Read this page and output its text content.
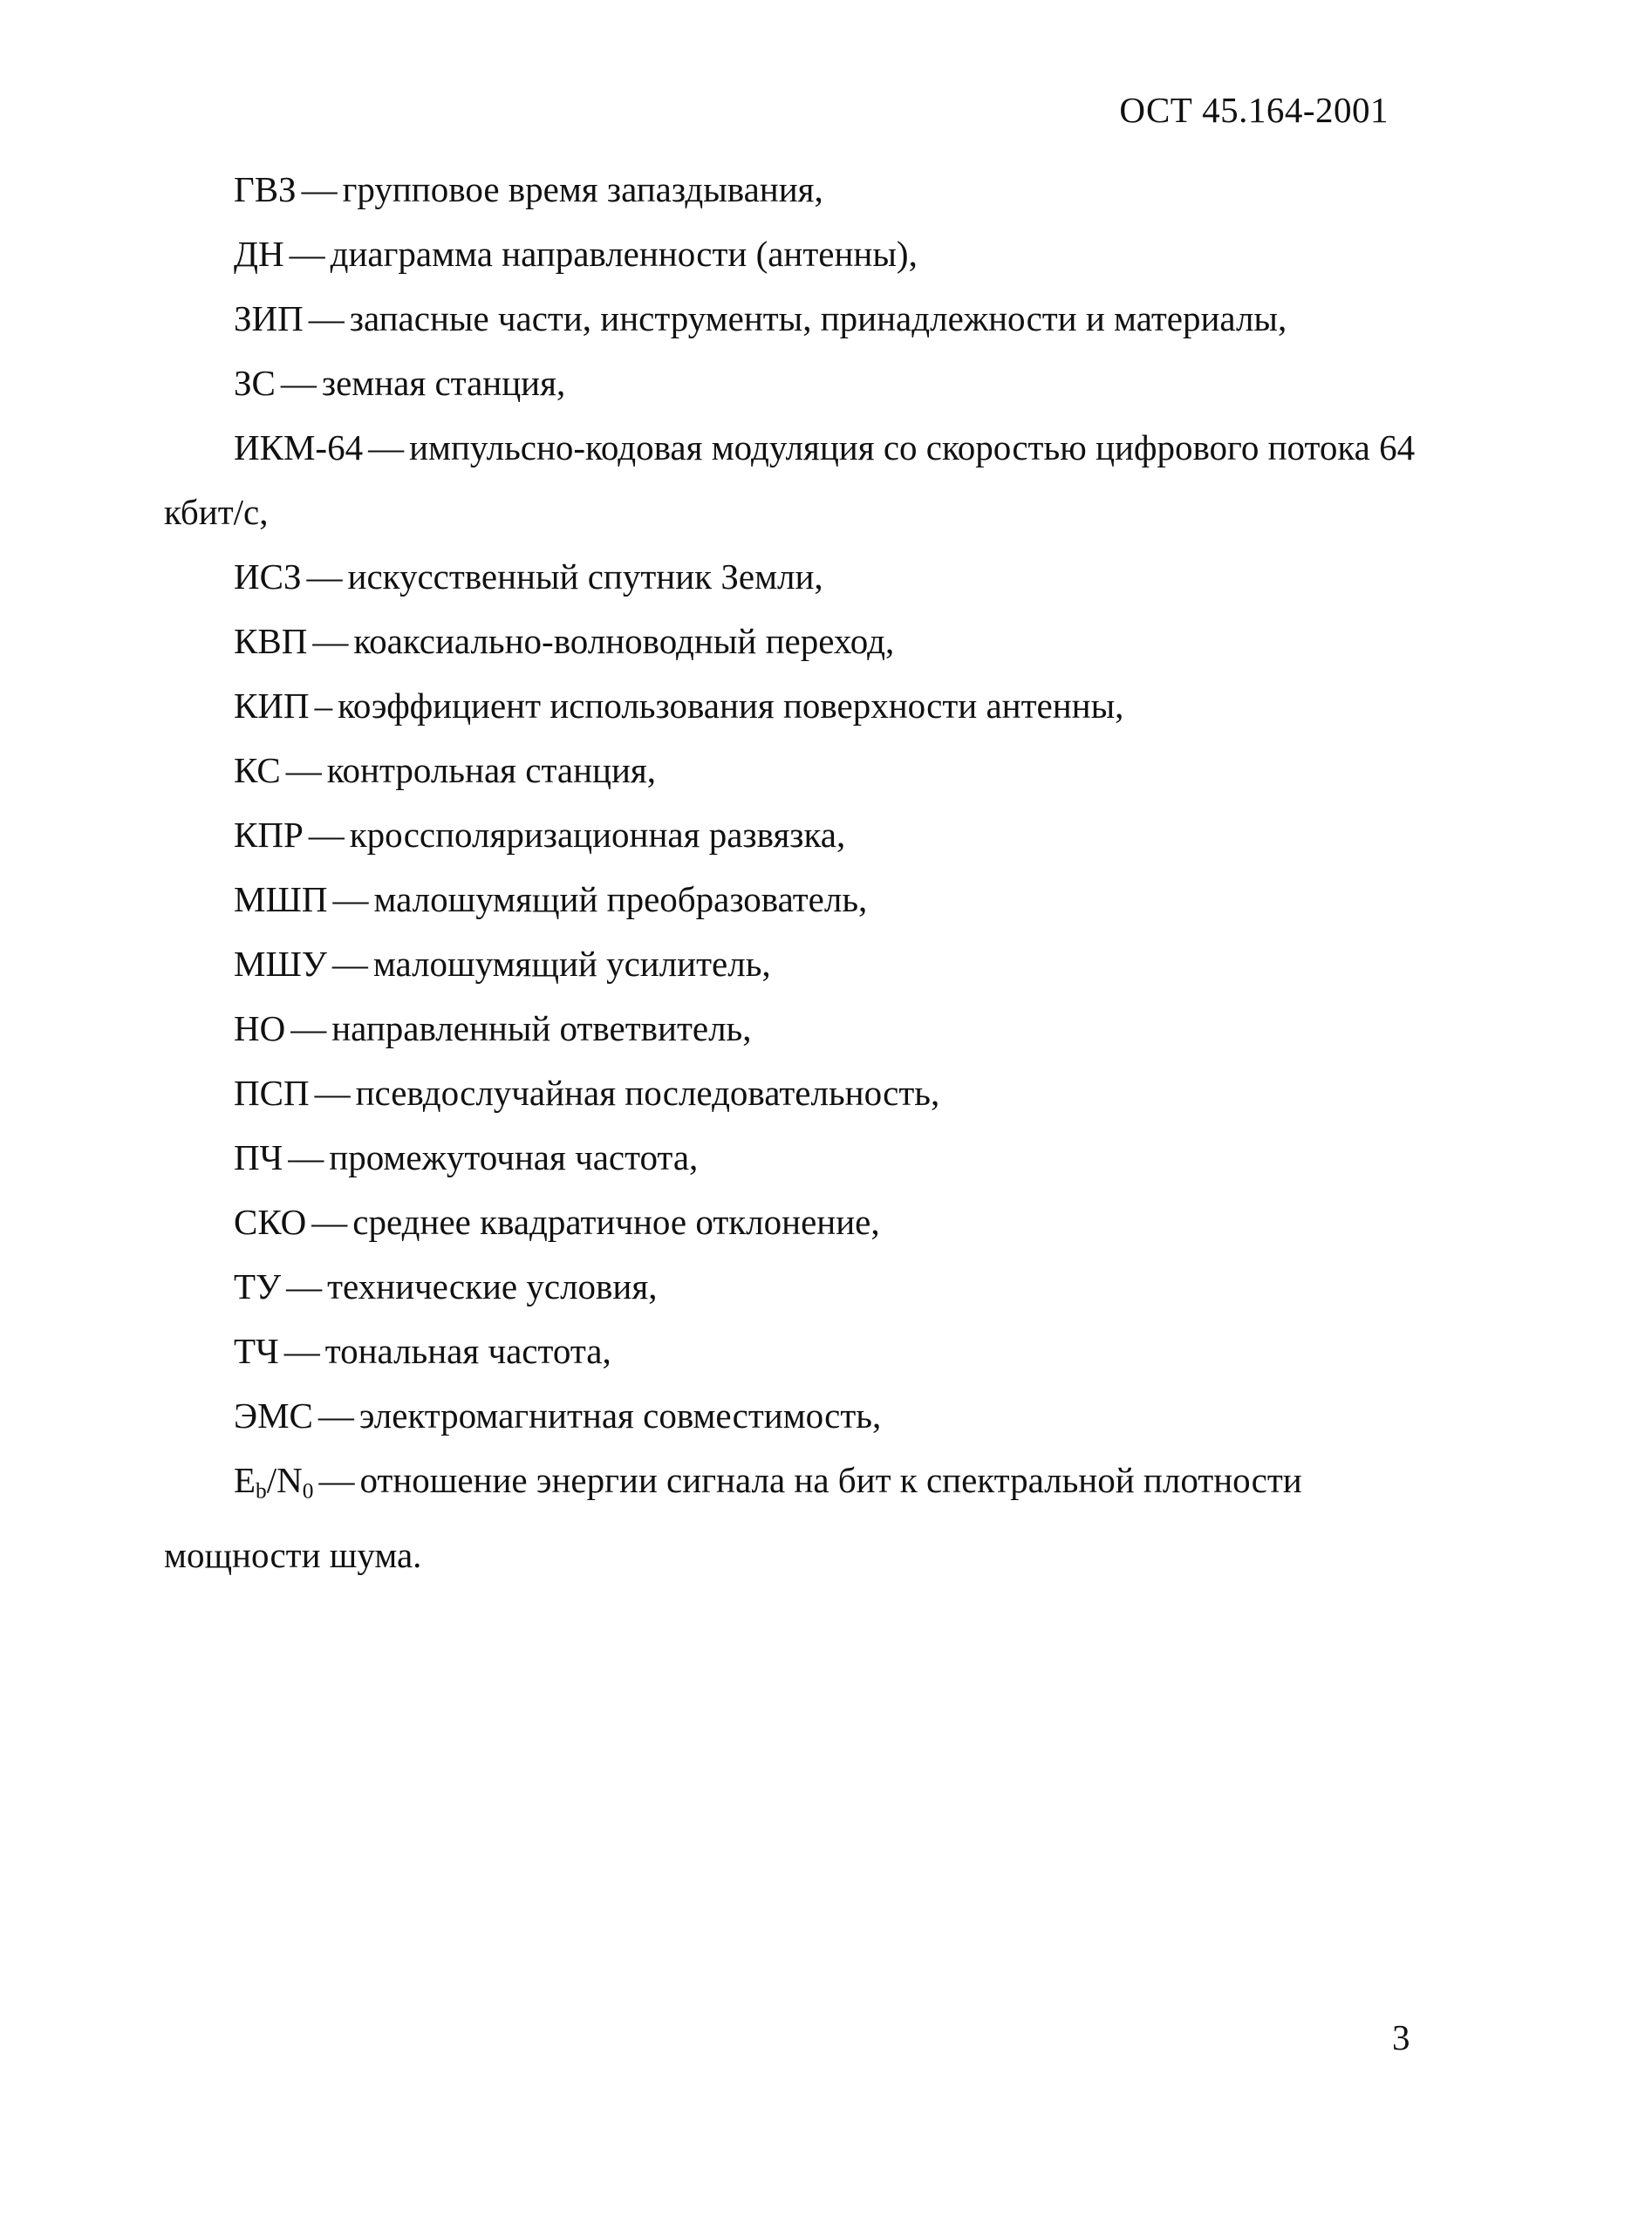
ОСТ 45.164-2001
ГВЗ — групповое время запаздывания,
ДН — диаграмма направленности (антенны),
ЗИП — запасные части, инструменты, принадлежности и материалы,
ЗС — земная станция,
ИКМ-64 — импульсно-кодовая модуляция со скоростью цифрового потока 64 кбит/с,
ИСЗ — искусственный спутник Земли,
КВП — коаксиально-волноводный переход,
КИП – коэффициент использования поверхности антенны,
КС — контрольная станция,
КПР — кроссполяризационная развязка,
МШП — малошумящий преобразователь,
МШУ — малошумящий усилитель,
НО — направленный ответвитель,
ПСП — псевдослучайная последовательность,
ПЧ — промежуточная частота,
СКО — среднее квадратичное отклонение,
ТУ — технические условия,
ТЧ — тональная частота,
ЭМС — электромагнитная совместимость,
$E_b/N_0$ — отношение энергии сигнала на бит к спектральной плотности мощности шума.
3
